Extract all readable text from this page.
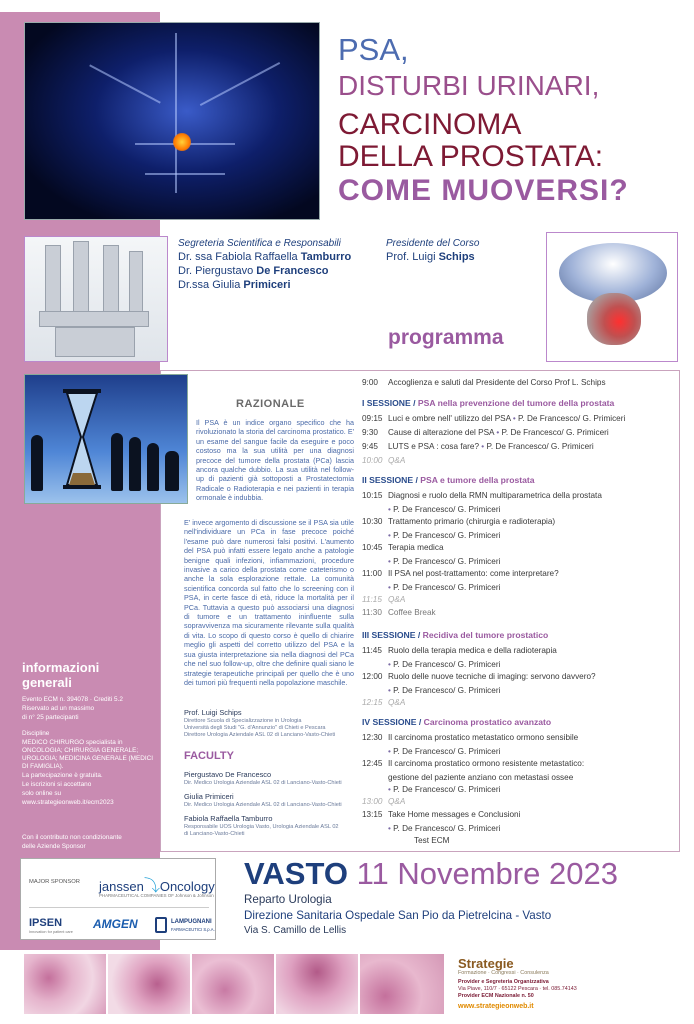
PSA,
DISTURBI URINARI,
CARCINOMA
DELLA PROSTATA:
COME MUOVERSI?
Segreteria Scientifica e Responsabili
Dr. ssa Fabiola Raffaella Tamburro
Dr. Piergustavo De Francesco
Dr.ssa Giulia Primiceri
Presidente del Corso
Prof. Luigi Schips
programma
RAZIONALE
Il PSA è un indice organo specifico che ha rivoluzionato la storia del carcinoma prostatico. E' un esame del sangue facile da eseguire e poco costoso ma la sua utilità per una diagnosi precoce del tumore della prostata (PCa) lascia ancora qualche dubbio. La sua utilità nel follow-up di pazienti già sottoposti a Prostatectomia Radicale o Radioterapia e nei pazienti in terapia ormonale è indubbia.
E' invece argomento di discussione se il PSA sia utile nell'individuare un PCa in fase precoce poiché l'esame può dare numerosi falsi positivi. L'aumento del PSA può infatti essere legato anche a patologie benigne quali infezioni, infiammazioni, procedure invasive a carico della prostata come cateterismo o anche la sola esplorazione rettale. La comunità scientifica concorda sul fatto che lo screening con il PSA, in certe fasce di età, riduce la mortalità per il PCa. Tuttavia a questo può associarsi una diagnosi di tumore e un trattamento ininfluente sulla sopravvivenza ma sicuramente rilevante sulla qualità di vita. Lo scopo di questo corso è quello di chiarire meglio gli aspetti del corretto utilizzo del PSA e la sua giusta interpretazione sia nella diagnosi del PCa che nel suo follow-up, oltre che definire quali siano le strategie terapeutiche principali per quello che è uno dei tumori più frequenti nella popolazione maschile.
9:00 Accoglienza e saluti dal Presidente del Corso Prof L. Schips
I SESSIONE / PSA nella prevenzione del tumore della prostata
09:15 Luci e ombre nell' utilizzo del PSA • P. De Francesco/ G. Primiceri
9:30 Cause di alterazione del PSA • P. De Francesco/ G. Primiceri
9:45 LUTS e PSA : cosa fare? • P. De Francesco/ G. Primiceri
10:00 Q&A
II SESSIONE / PSA e tumore della prostata
10:15 Diagnosi e ruolo della RMN multiparametrica della prostata
• P. De Francesco/ G. Primiceri
10:30 Trattamento primario (chirurgia e radioterapia)
• P. De Francesco/ G. Primiceri
10:45 Terapia medica
• P. De Francesco/ G. Primiceri
11:00 Il PSA nel post-trattamento: come interpretare?
• P. De Francesco/ G. Primiceri
11:15 Q&A
11:30 Coffee Break
III SESSIONE / Recidiva del tumore prostatico
11:45 Ruolo della terapia medica e della radioterapia
• P. De Francesco/ G. Primiceri
12:00 Ruolo delle nuove tecniche di imaging: servono davvero?
• P. De Francesco/ G. Primiceri
12:15 Q&A
IV SESSIONE / Carcinoma prostatico avanzato
12:30 Il carcinoma prostatico metastatico ormono sensibile
• P. De Francesco/ G. Primiceri
12:45 Il carcinoma prostatico ormono resistente metastatico:
gestione del paziente anziano con metastasi ossee
• P. De Francesco/ G. Primiceri
13:00 Q&A
13:15 Take Home messages e Conclusioni
• P. De Francesco/ G. Primiceri
Test ECM
informazioni
generali
Evento ECM n. 394078 · Crediti 5.2
Riservato ad un massimo
di n° 25 partecipanti
Discipline
MEDICO CHIRURGO specialista in ONCOLOGIA; CHIRURGIA GENERALE; UROLOGIA; MEDICINA GENERALE (MEDICI DI FAMIGLIA).
La partecipazione è gratuita.
Le iscrizioni si accettano
solo online su
www.strategieonweb.it/ecm2023
Con il contributo non condizionante
delle Aziende Sponsor
Prof. Luigi Schips
Direttore Scuola di Specializzazione in Urologia
Università degli Studi "G. d'Annunzio" di Chieti e Pescara
Direttore Urologia Aziendale ASL 02 di Lanciano-Vasto-Chieti
FACULTY
Piergustavo De Francesco
Dir. Medico Urologia Aziendale ASL 02 di Lanciano-Vasto-Chieti
Giulia Primiceri
Dir. Medico Urologia Aziendale ASL 02 di Lanciano-Vasto-Chieti
Fabiola Raffaella Tamburro
Responsabile UOS Urologia Vasto, Urologia Aziendale ASL 02
di Lanciano-Vasto-Chieti
MAJOR SPONSOR janssen⤵Oncology
PHARMACEUTICAL COMPANIES OF Johnson & Johnson
IPSEN
Innovation for patient care
AMGEN	LAMPUGNANI
FARMACEUTICI S.p.A.
VASTO 11 Novembre 2023
Reparto Urologia
Direzione Sanitaria Ospedale San Pio da Pietrelcina - Vasto
Via S. Camillo de Lellis
Strategie
Formazione · Congressi · Consulenza
Provider e Segreteria Organizzativa
Via Piave, 110/7 · 65122 Pescara · tel. 085.74143
Provider ECM Nazionale n. 50
www.strategieonweb.it
